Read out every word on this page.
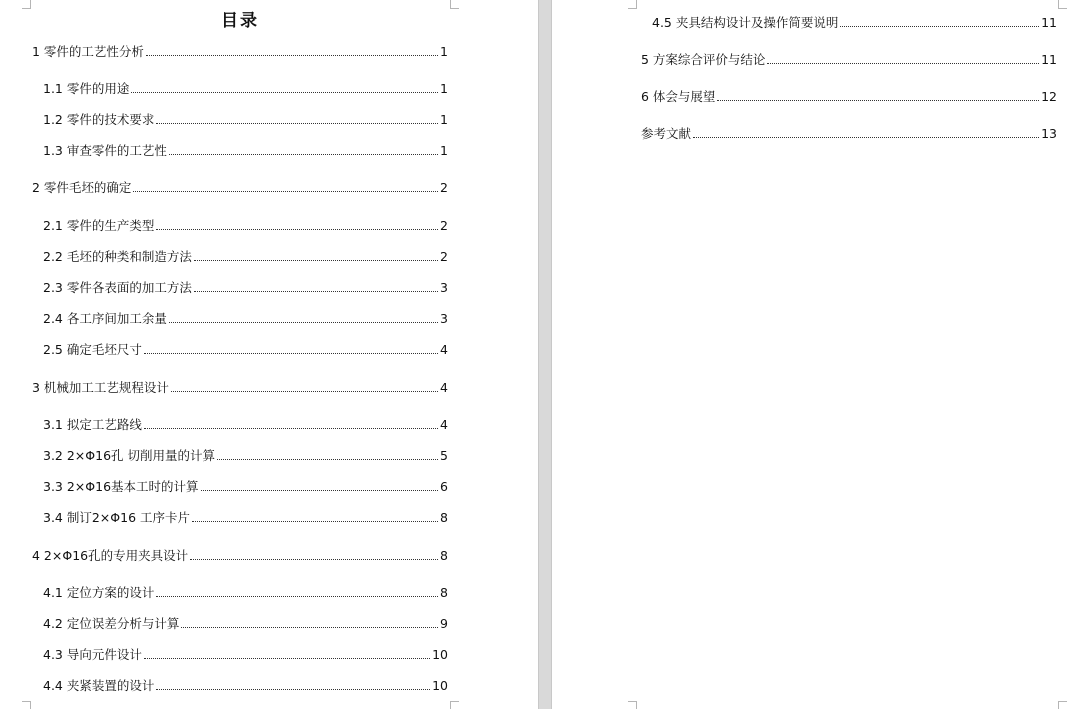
目录
1 零件的工艺性分析	1
1.1 零件的用途	1
1.2 零件的技术要求	1
1.3 审查零件的工艺性	1
2 零件毛坯的确定	2
2.1 零件的生产类型	2
2.2 毛坯的种类和制造方法	2
2.3 零件各表面的加工方法	3
2.4 各工序间加工余量	3
2.5 确定毛坯尺寸	4
3 机械加工工艺规程设计	4
3.1 拟定工艺路线	4
3.2 2×Φ16孔 切削用量的计算	5
3.3 2×Φ16基本工时的计算	6
3.4 制订2×Φ16 工序卡片	8
4 2×Φ16孔的专用夹具设计	8
4.1 定位方案的设计	8
4.2 定位误差分析与计算	9
4.3 导向元件设计	10
4.4 夹紧装置的设计	10
4.5 夹具结构设计及操作简要说明	11
5 方案综合评价与结论	11
6 体会与展望	12
参考文献	13
